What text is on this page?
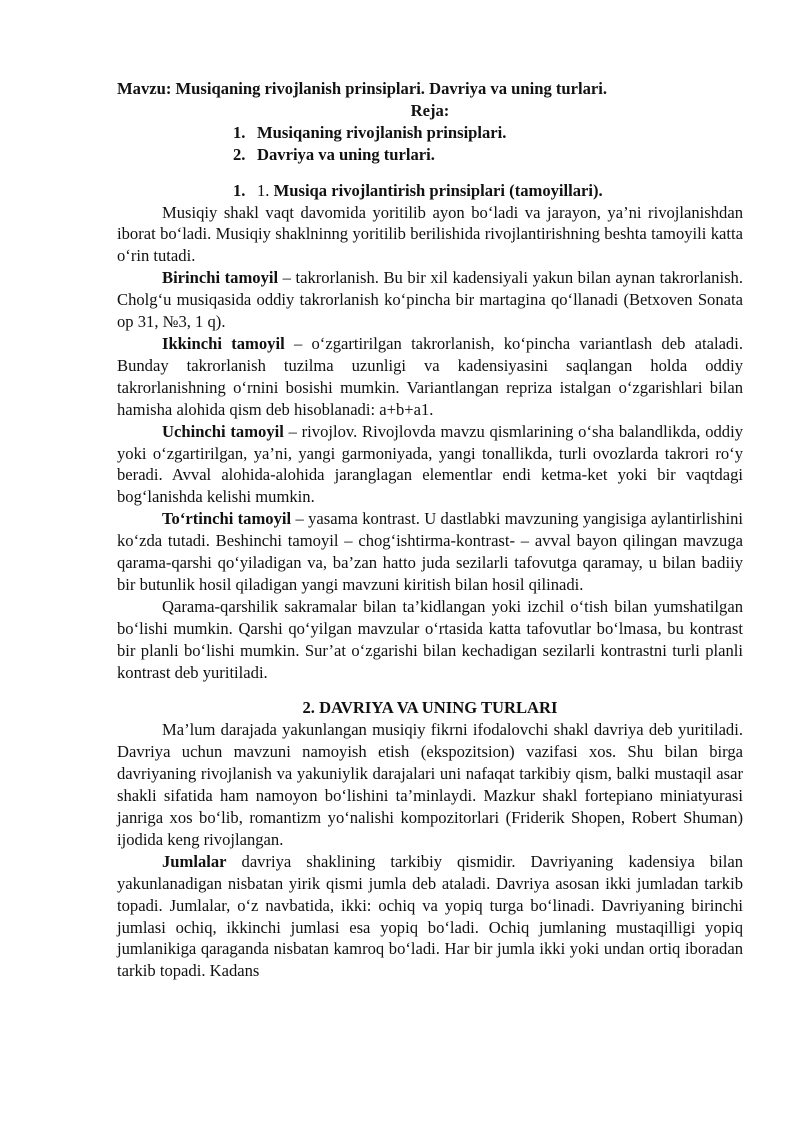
Mavzu: Musiqaning rivojlanish prinsiplari. Davriya va uning turlari.

Reja:

1. Musiqaning rivojlanish prinsiplari.
2. Davriya va uning turlari.
1. 1. Musiqa rivojlantirish prinsiplari (tamoyillari).

Musiqiy shakl vaqt davomida yoritilib ayon bo‘ladi va jarayon, ya’ni rivojlanishdan iborat bo‘ladi. Musiqiy shaklninng yoritilib berilishida rivojlantirishning beshta tamoyili katta o‘rin tutadi.

Birinchi tamoyil – takrorlanish. Bu bir xil kadensiyali yakun bilan aynan takrorlanish. Cholg‘u musiqasida oddiy takrorlanish ko‘pincha bir martagina qo‘llanadi (Betxoven Sonata op 31, №3, 1 q).

Ikkinchi tamoyil – o‘zgartirilgan takrorlanish, ko‘pincha variantlash deb ataladi. Bunday takrorlanish tuzilma uzunligi va kadensiyasini saqlangan holda oddiy takrorlanishning o‘rnini bosishi mumkin. Variantlangan repriza istalgan o‘zgarishlari bilan hamisha alohida qism deb hisoblanadi: a+b+a1.

Uchinchi tamoyil – rivojlov. Rivojlovda mavzu qismlarining o‘sha balandlikda, oddiy yoki o‘zgartirilgan, ya’ni, yangi garmoniyada, yangi tonallikda, turli ovozlarda takrori ro‘y beradi. Avval alohida-alohida jaranglagan elementlar endi ketma-ket yoki bir vaqtdagi bog‘lanishda kelishi mumkin.

To‘rtinchi tamoyil – yasama kontrast. U dastlabki mavzuning yangisiga aylantirlishini ko‘zda tutadi. Beshinchi tamoyil – chog‘ishtirma-kontrast- – avval bayon qilingan mavzuga qarama-qarshi qo‘yiladigan va, ba’zan hatto juda sezilarli tafovutga qaramay, u bilan badiiy bir butunlik hosil qiladigan yangi mavzuni kiritish bilan hosil qilinadi.

Qarama-qarshilik sakramalar bilan ta’kidlangan yoki izchil o‘tish bilan yumshatilgan bo‘lishi mumkin. Qarshi qo‘yilgan mavzular o‘rtasida katta tafovutlar bo‘lmasa, bu kontrast bir planli bo‘lishi mumkin. Sur’at o‘zgarishi bilan kechadigan sezilarli kontrastni turli planli kontrast deb yuritiladi.

2. DAVRIYA VA UNING TURLARI

Ma’lum darajada yakunlangan musiqiy fikrni ifodalovchi shakl davriya deb yuritiladi. Davriya uchun mavzuni namoyish etish (ekspozitsion) vazifasi xos. Shu bilan birga davriyaning rivojlanish va yakuniylik darajalari uni nafaqat tarkibiy qism, balki mustaqil asar shakli sifatida ham namoyon bo‘lishini ta’minlaydi. Mazkur shakl fortepiano miniatyurasi janriga xos bo‘lib, romantizm yo‘nalishi kompozitorlari (Friderik Shopen, Robert Shuman) ijodida keng rivojlangan.

Jumlalar davriya shaklining tarkibiy qismidir. Davriyaning kadensiya bilan yakunlanadigan nisbatan yirik qismi jumla deb ataladi. Davriya asosan ikki jumladan tarkib topadi. Jumlalar, o‘z navbatida, ikki: ochiq va yopiq turga bo‘linadi. Davriyaning birinchi jumlasi ochiq, ikkinchi jumlasi esa yopiq bo‘ladi. Ochiq jumlaning mustaqilligi yopiq jumlanikiga qaraganda nisbatan kamroq bo‘ladi. Har bir jumla ikki yoki undan ortiq iboradan tarkib topadi. Kadans
